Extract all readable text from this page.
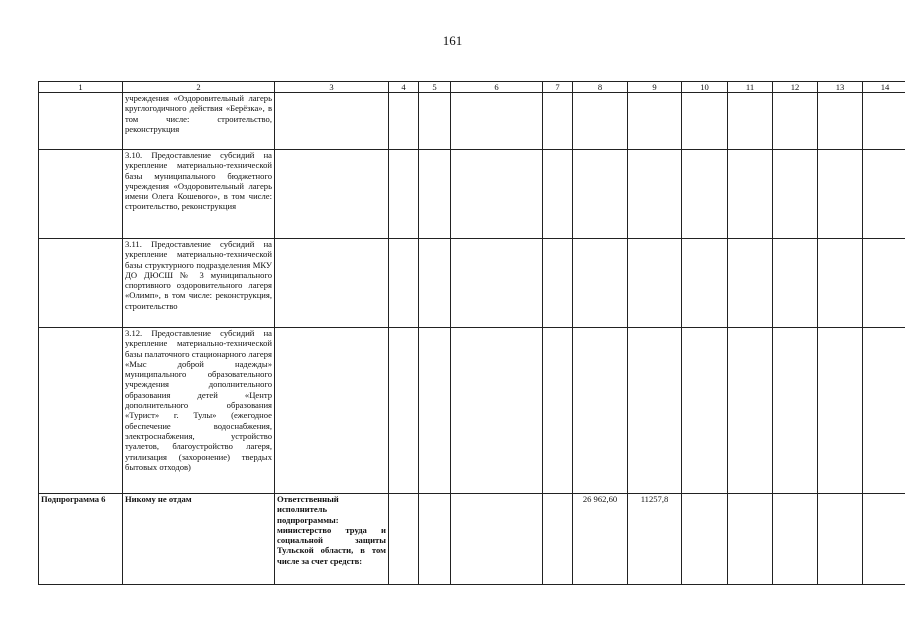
161
1	2	3	4	5	6	7	8	9	10	11	12	13	14
	учреждения «Оздоровительный лагерь круглогодичного действия «Берёзка», в том числе: строительство, реконструкция												
	3.10. Предоставление субсидий на укрепление материально-технической базы муниципального бюджетного учреждения «Оздоровительный лагерь имени Олега Кошевого», в том числе: строительство, реконструкция												
	3.11. Предоставление субсидий на укрепление материально-технической базы структурного подразделения МКУ ДО ДЮСШ № 3 муниципального спортивного оздоровительного лагеря «Олимп», в том числе: реконструкция, строительство												
	3.12. Предоставление субсидий на укрепление материально-технической базы палаточного стационарного лагеря «Мыс доброй надежды» муниципального образовательного учреждения дополнительного образования детей «Центр дополнительного образования «Турист» г. Тулы» (ежегодное обеспечение водоснабжения, электроснабжения, устройство туалетов, благоустройство лагеря, утилизация (захоронение) твердых бытовых отходов)												
Подпрограмма 6	Никому не отдам	Ответственный исполнитель подпрограммы: министерство труда и социальной защиты Тульской области, в том числе за счет средств:					26 962,60	11257,8					
